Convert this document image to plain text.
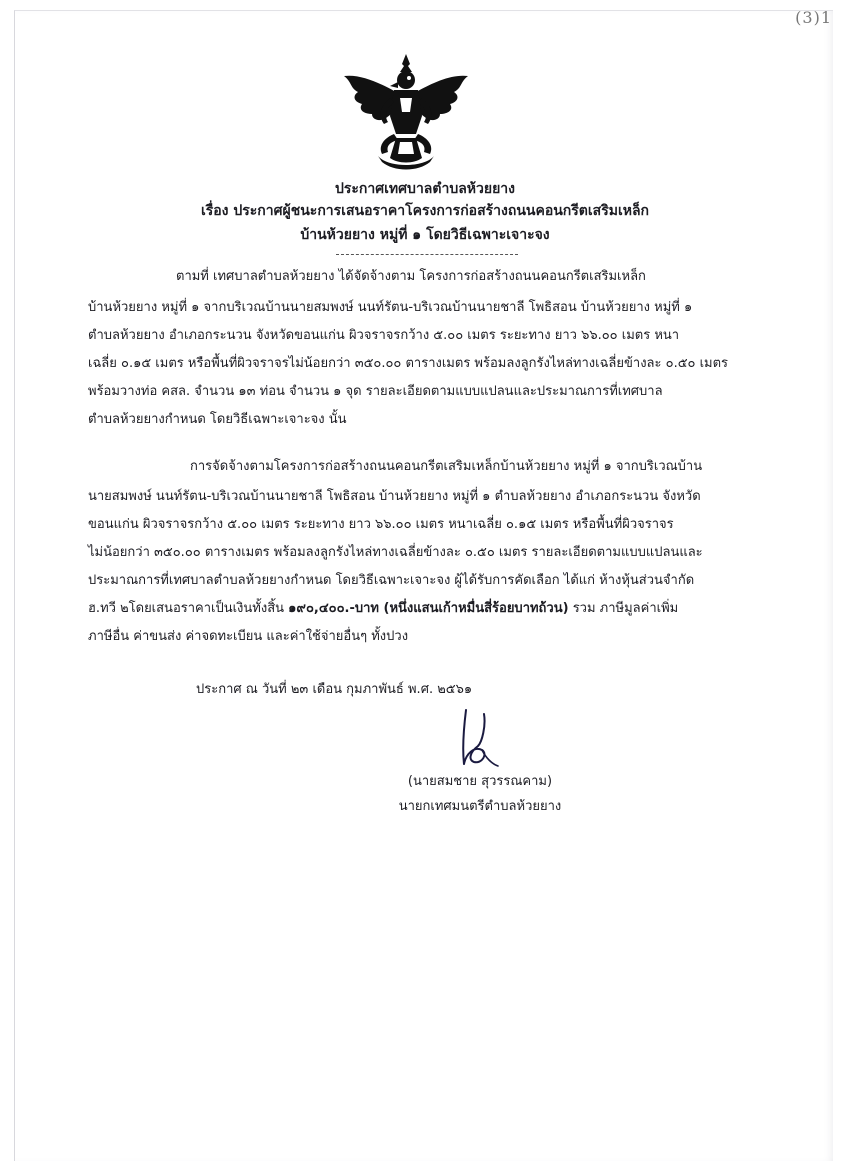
(3)1
ประกาศเทศบาลตำบลห้วยยาง
เรื่อง ประกาศผู้ชนะการเสนอราคาโครงการก่อสร้างถนนคอนกรีตเสริมเหล็ก
บ้านห้วยยาง หมู่ที่ ๑ โดยวิธีเฉพาะเจาะจง
ตามที่ เทศบาลตำบลห้วยยาง ได้จัดจ้างตาม โครงการก่อสร้างถนนคอนกรีตเสริมเหล็ก
บ้านห้วยยาง หมู่ที่ ๑ จากบริเวณบ้านนายสมพงษ์ นนท์รัตน-บริเวณบ้านนายชาลี โพธิสอน บ้านห้วยยาง หมู่ที่ ๑
ตำบลห้วยยาง อำเภอกระนวน จังหวัดขอนแก่น ผิวจราจรกว้าง ๕.๐๐ เมตร ระยะทาง ยาว ๖๖.๐๐ เมตร หนา
เฉลี่ย ๐.๑๕ เมตร หรือพื้นที่ผิวจราจรไม่น้อยกว่า ๓๕๐.๐๐ ตารางเมตร พร้อมลงลูกรังไหล่ทางเฉลี่ยข้างละ ๐.๕๐ เมตร
พร้อมวางท่อ คสล. จำนวน ๑๓ ท่อน จำนวน ๑ จุด รายละเอียดตามแบบแปลนและประมาณการที่เทศบาล
ตำบลห้วยยางกำหนด โดยวิธีเฉพาะเจาะจง นั้น
การจัดจ้างตามโครงการก่อสร้างถนนคอนกรีตเสริมเหล็กบ้านห้วยยาง หมู่ที่ ๑ จากบริเวณบ้าน
นายสมพงษ์ นนท์รัตน-บริเวณบ้านนายชาลี โพธิสอน บ้านห้วยยาง หมู่ที่ ๑ ตำบลห้วยยาง อำเภอกระนวน จังหวัด
ขอนแก่น ผิวจราจรกว้าง ๕.๐๐ เมตร ระยะทาง ยาว ๖๖.๐๐ เมตร หนาเฉลี่ย ๐.๑๕ เมตร หรือพื้นที่ผิวจราจร
ไม่น้อยกว่า ๓๕๐.๐๐ ตารางเมตร พร้อมลงลูกรังไหล่ทางเฉลี่ยข้างละ ๐.๕๐ เมตร รายละเอียดตามแบบแปลนและ
ประมาณการที่เทศบาลตำบลห้วยยางกำหนด โดยวิธีเฉพาะเจาะจง ผู้ได้รับการคัดเลือก ได้แก่ ห้างหุ้นส่วนจำกัด
ฮ.ทวี ๒โดยเสนอราคาเป็นเงินทั้งสิ้น ๑๙๐,๔๐๐.-บาท (หนึ่งแสนเก้าหมื่นสี่ร้อยบาทถ้วน) รวม ภาษีมูลค่าเพิ่ม
ภาษีอื่น ค่าขนส่ง ค่าจดทะเบียน และค่าใช้จ่ายอื่นๆ ทั้งปวง
ประกาศ ณ วันที่ ๒๓ เดือน กุมภาพันธ์ พ.ศ. ๒๕๖๑
(นายสมชาย สุวรรณคาม)
นายกเทศมนตรีตำบลห้วยยาง
